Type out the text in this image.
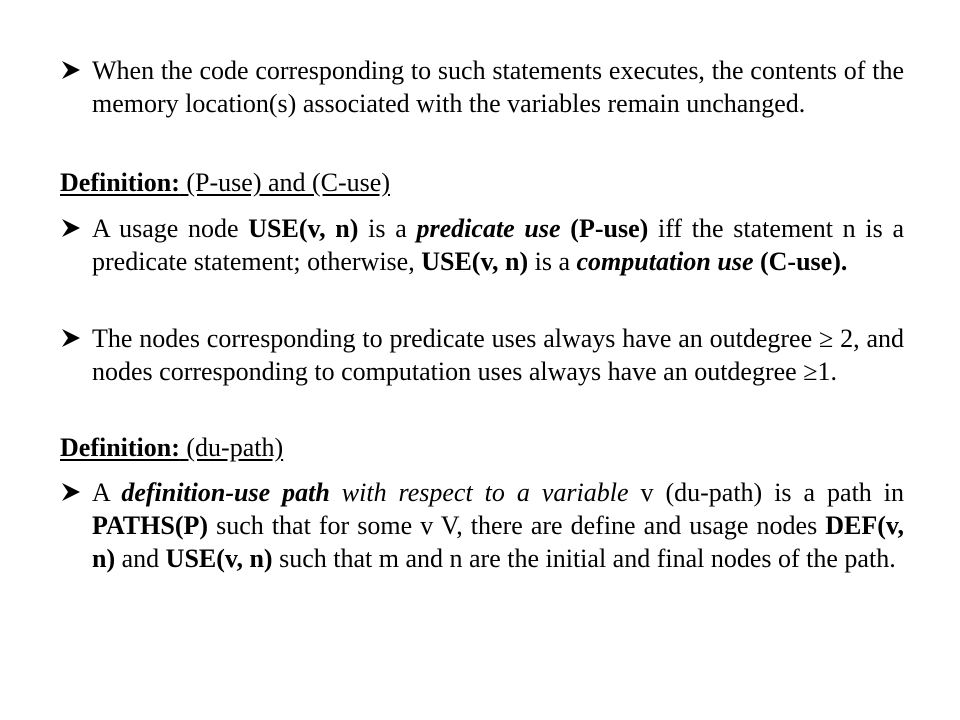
When the code corresponding to such statements executes, the contents of the memory location(s) associated with the variables remain unchanged.
Definition: (P-use) and (C-use)
A usage node USE(v, n) is a predicate use (P-use) iff the statement n is a predicate statement; otherwise, USE(v, n) is a computation use (C-use).
The nodes corresponding to predicate uses always have an outdegree ≥ 2, and nodes corresponding to computation uses always have an outdegree ≥1.
Definition: (du-path)
A definition-use path with respect to a variable v (du-path) is a path in PATHS(P) such that for some v V, there are define and usage nodes DEF(v, n) and USE(v, n) such that m and n are the initial and final nodes of the path.
